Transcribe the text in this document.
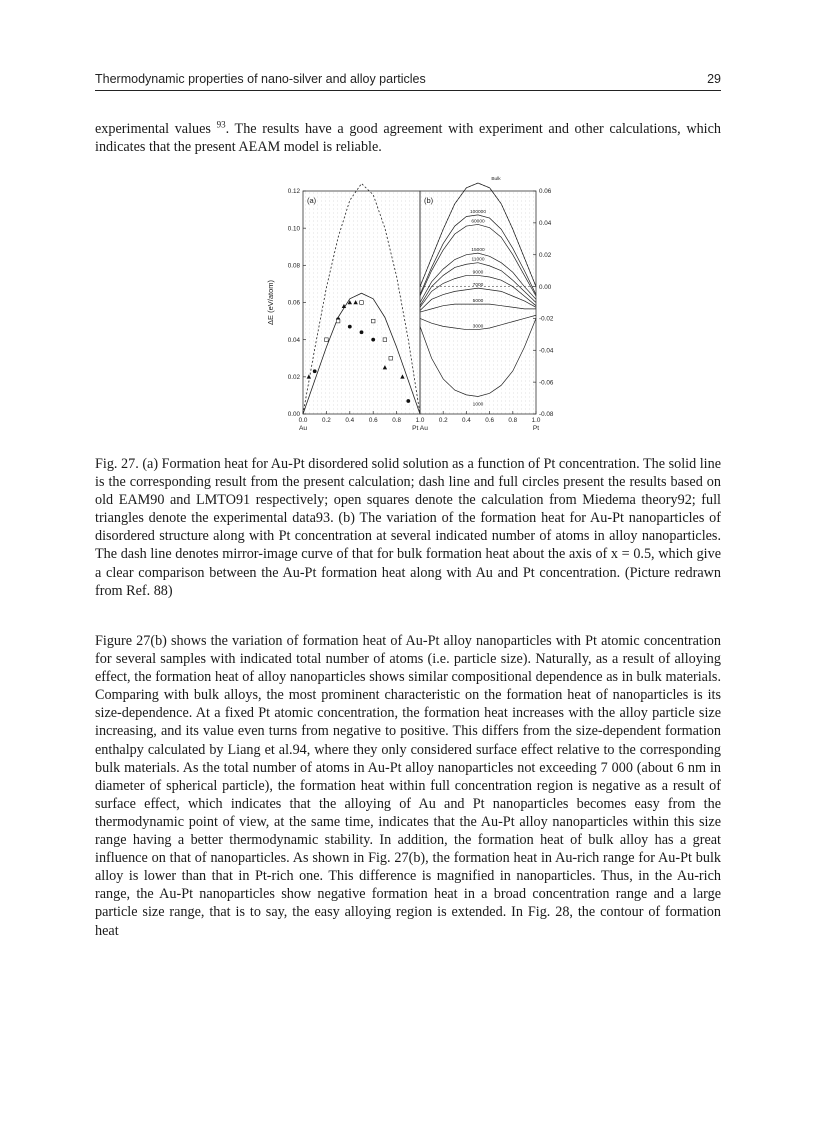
Thermodynamic properties of nano-silver and alloy particles	29

experimental values $^{93}$. The results have a good agreement with experiment and other calculations, which indicates that the present AEAM model is reliable.

0.12
0.10
0.08
0.06
0.04
0.02
0.00
0.06
0.04
0.02
0.00
-0.02
-0.04
-0.06
-0.08
0.0 0.2 0.4 0.6 0.8 1.0 0.2 0.4 0.6 0.8 1.0
Au	Pt Au	Pt
ΔE (eV/atom)
(a)	(b)
Bulk
100000
60000
15000
11000
9000
7000
5000
3000
1000

Fig. 27. (a) Formation heat for Au-Pt disordered solid solution as a function of Pt concentration. The solid line is the corresponding result from the present calculation; dash line and full circles present the results based on old EAM90 and LMTO91 respectively; open squares denote the calculation from Miedema theory92; full triangles denote the experimental data93. (b) The variation of the formation heat for Au-Pt nanoparticles of disordered structure along with Pt concentration at several indicated number of atoms in alloy nanoparticles. The dash line denotes mirror-image curve of that for bulk formation heat about the axis of x = 0.5, which give a clear comparison between the Au-Pt formation heat along with Au and Pt concentration. (Picture redrawn from Ref. 88)

Figure 27(b) shows the variation of formation heat of Au-Pt alloy nanoparticles with Pt atomic concentration for several samples with indicated total number of atoms (i.e. particle size). Naturally, as a result of alloying effect, the formation heat of alloy nanoparticles shows similar compositional dependence as in bulk materials. Comparing with bulk alloys, the most prominent characteristic on the formation heat of nanoparticles is its size-dependence. At a fixed Pt atomic concentration, the formation heat increases with the alloy particle size increasing, and its value even turns from negative to positive. This differs from the size-dependent formation enthalpy calculated by Liang et al.94, where they only considered surface effect relative to the corresponding bulk materials. As the total number of atoms in Au-Pt alloy nanoparticles not exceeding 7 000 (about 6 nm in diameter of spherical particle), the formation heat within full concentration region is negative as a result of surface effect, which indicates that the alloying of Au and Pt nanoparticles becomes easy from the thermodynamic point of view, at the same time, indicates that the Au-Pt alloy nanoparticles within this size range having a better thermodynamic stability. In addition, the formation heat of bulk alloy has a great influence on that of nanoparticles. As shown in Fig. 27(b), the formation heat in Au-rich range for Au-Pt bulk alloy is lower than that in Pt-rich one. This difference is magnified in nanoparticles. Thus, in the Au-rich range, the Au-Pt nanoparticles show negative formation heat in a broad concentration range and a large particle size range, that is to say, the easy alloying region is extended. In Fig. 28, the contour of formation heat
